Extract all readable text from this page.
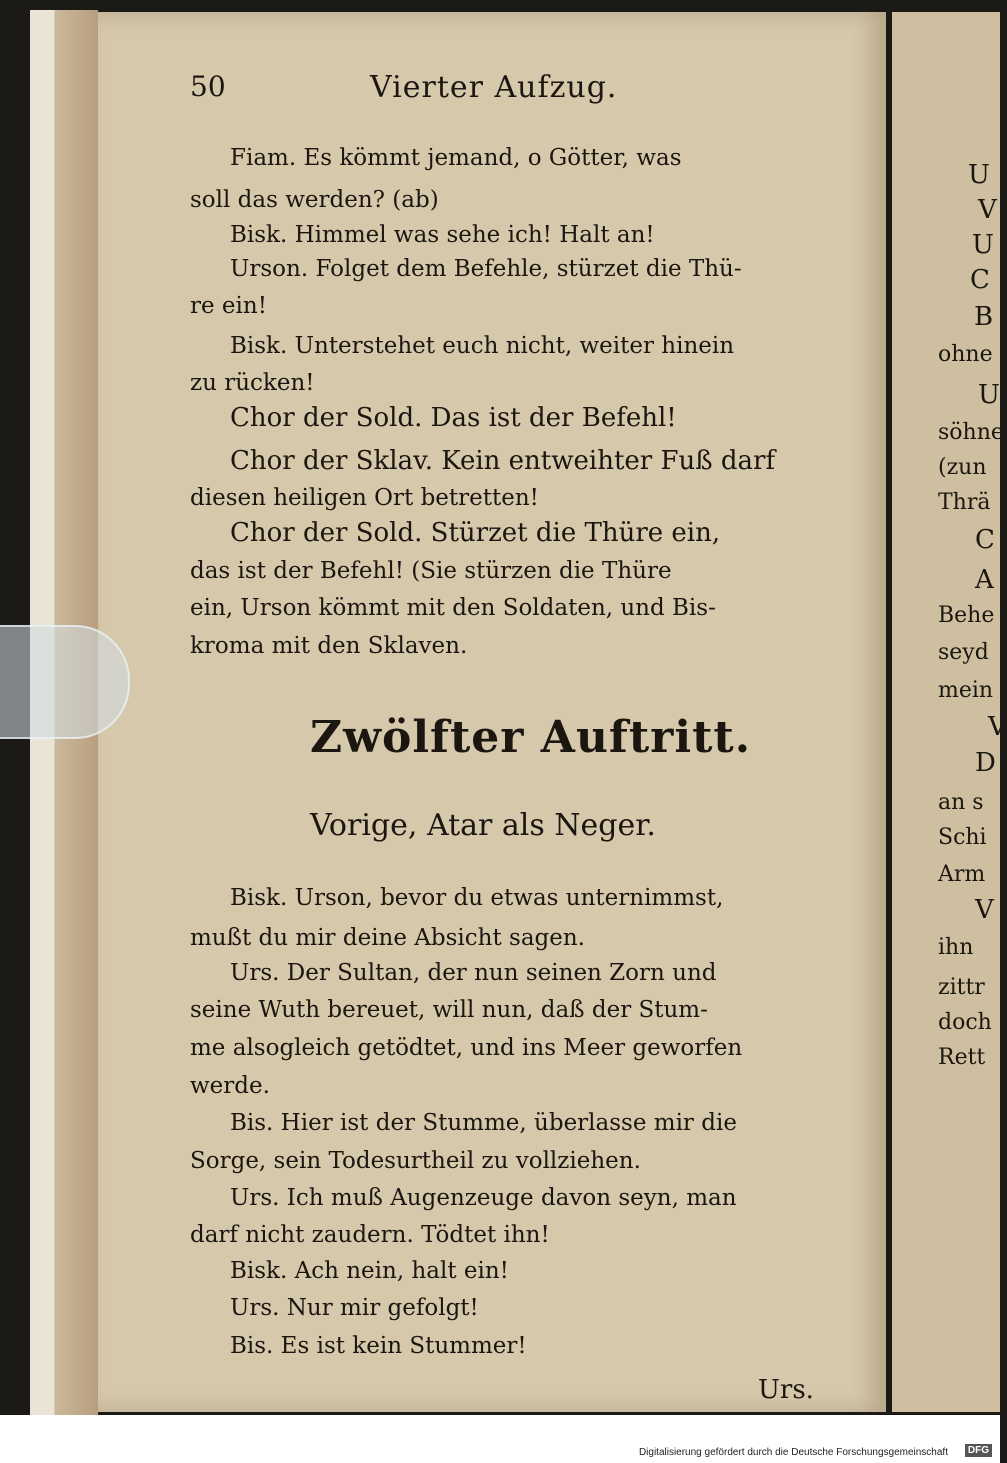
50	Vierter Aufzug.
Fiam. Es kömmt jemand, o Götter, was
soll das werden? (ab)
Bisk. Himmel was sehe ich! Halt an!
Urson. Folget dem Befehle, stürzet die Thü-
re ein!
Bisk. Unterstehet euch nicht, weiter hinein
zu rücken!
Chor der Sold. Das ist der Befehl!
Chor der Sklav. Kein entweihter Fuß darf
diesen heiligen Ort betretten!
Chor der Sold. Stürzet die Thüre ein,
das ist der Befehl! (Sie stürzen die Thüre
ein, Urson kömmt mit den Soldaten, und Bis-
kroma mit den Sklaven.
Zwölfter Auftritt.
Vorige, Atar als Neger.
Bisk. Urson, bevor du etwas unternimmst,
mußt du mir deine Absicht sagen.
Urs. Der Sultan, der nun seinen Zorn und
seine Wuth bereuet, will nun, daß der Stum-
me alsogleich getödtet, und ins Meer geworfen
werde.
Bis. Hier ist der Stumme, überlasse mir die
Sorge, sein Todesurtheil zu vollziehen.
Urs. Ich muß Augenzeuge davon seyn, man
darf nicht zaudern. Tödtet ihn!
Bisk. Ach nein, halt ein!
Urs. Nur mir gefolgt!
Bis. Es ist kein Stummer!
Urs.
U
V
U
C
B
ohne
U
söhne
(zun
Thrä
C
A
Behe
seyd
mein
V
D
an s
Schi
Arm
V
ihn
zittr
doch
Rett
Digitalisierung gefördert durch die Deutsche Forschungsgemeinschaft	DFG
